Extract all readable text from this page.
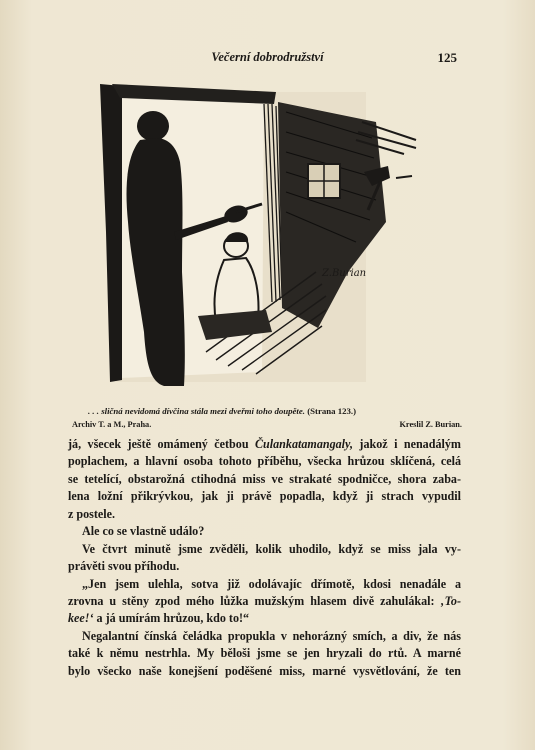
Večerní dobrodružství	125
Z.Burian
. . . sličná nevidomá dívčina stála mezi dveřmi toho doupěte. (Strana 123.)
Archiv T. a M., Praha.	Kreslil Z. Burian.
já, všecek ještě omámený četbou Čulankatamangaly, jakož i nenadálým
poplachem, a hlavní osoba tohoto příběhu, všecka hrůzou sklíčená, celá
se tetelící, obstarožná ctihodná miss ve strakaté spodničce, shora zaba-
lena ložní přikrývkou, jak ji právě popadla, když ji strach vypudil
z postele.
Ale co se vlastně událo?
Ve čtvrt minutě jsme zvěděli, kolik uhodilo, když se miss jala vy-
právěti svou příhodu.
„Jen jsem ulehla, sotva již odolávajíc dřímotě, kdosi nenadále a
zrovna u stěny zpod mého lůžka mužským hlasem divě zahulákal: ‚To-
kee!‘ a já umírám hrůzou, kdo to!“
Negalantní čínská čeládka propukla v nehorázný smích, a div, že nás
také k němu nestrhla. My běloši jsme se jen hryzali do rtů. A marné
bylo všecko naše konejšení poděšené miss, marné vysvětlování, že ten
